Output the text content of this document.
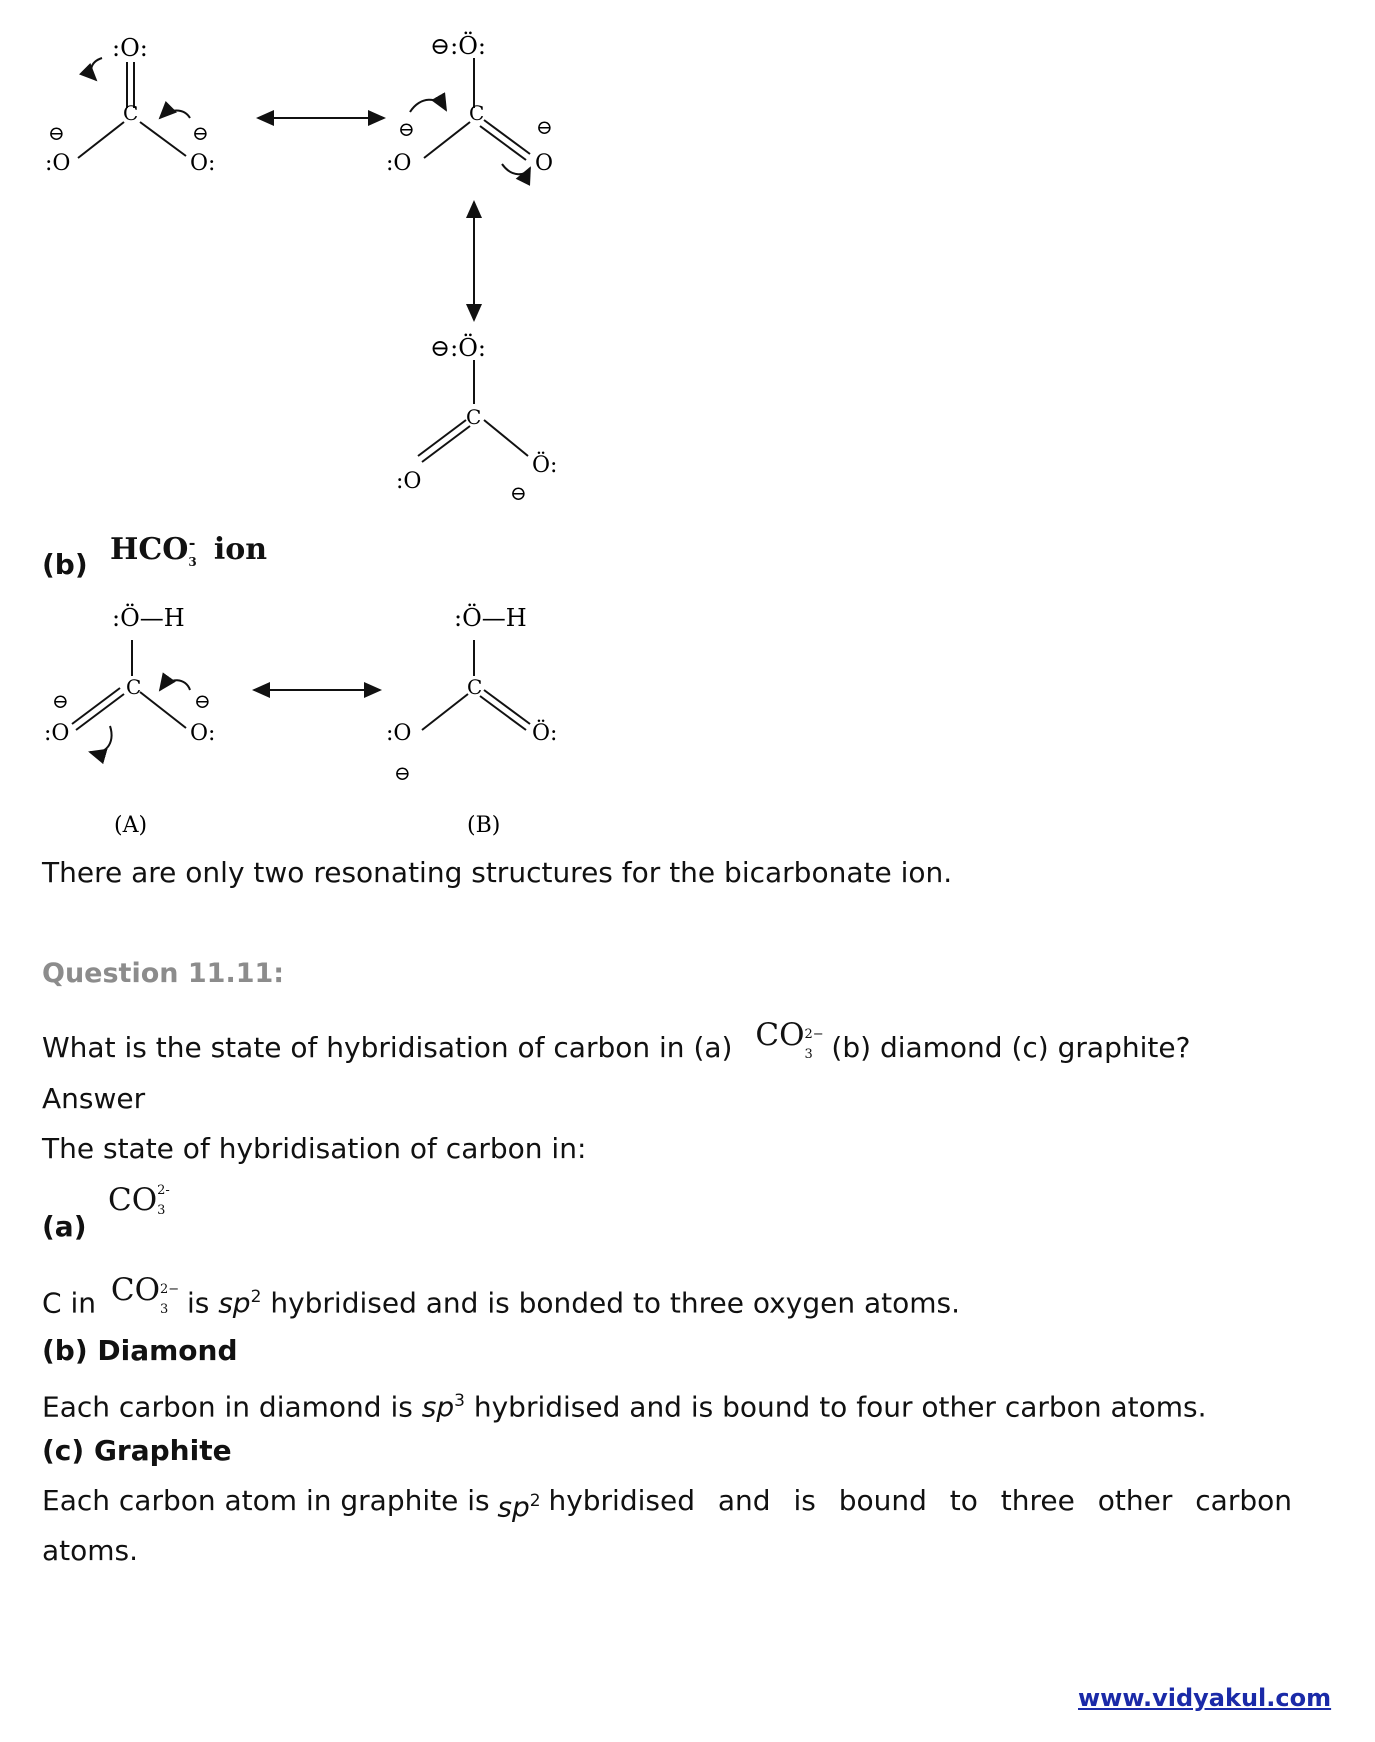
:O:
C
:O	O:
⊖	⊖
⊖:Ö:
C
:O	O
⊖	⊖
⊖:Ö:
C
:O
Ö:
⊖
:Ö—H
C
:O	O:
⊖	⊖
:Ö—H
C
:O	Ö:
⊖
(A)	(B)
(b) $HCO_3^-$ ion
There are only two resonating structures for the bicarbonate ion.
Question 11.11:
What is the state of hybridisation of carbon in (a) CO 2−
3 (b) diamond (c) graphite?
Answer
The state of hybridisation of carbon in:
(a)
CO 2-
3
C in CO 2−
3 is $sp^2$ hybridised and is bonded to three oxygen atoms.
(b) Diamond
Each carbon in diamond is $sp^3$ hybridised and is bound to four other carbon atoms.
(c) Graphite
Each carbon atom in graphite is $sp^2$ hybridised and is bound to three other carbon
atoms.
www.vidyakul.com
